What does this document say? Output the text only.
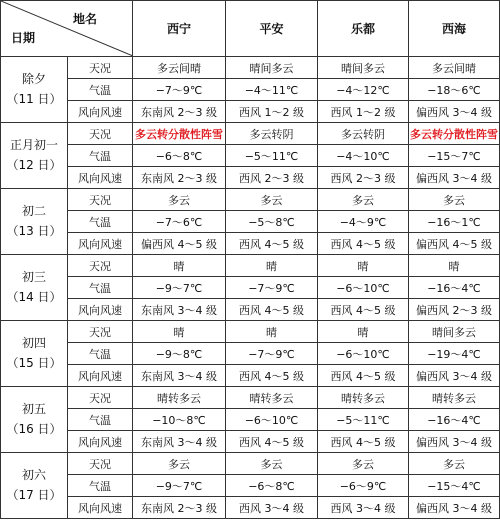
地名
日期		西宁	平安	乐都	西海

除夕
（11 日）	天况	多云间晴	晴间多云	晴间多云	多云间晴
	气温	−7～9℃	−4～11℃	−4～12℃	−18～6℃
	风向风速	东南风 2～3 级	西风 1～2 级	西风 1～2 级	偏西风 3～4 级

正月初一
（12 日）	天况	多云转分散性阵雪	多云转阴	多云转阴	多云转分散性阵雪
	气温	−6～8℃	−5～11℃	−4～10℃	−15～7℃
	风向风速	东南风 2～3 级	西风 2～3 级	西风 2～3 级	偏西风 3～4 级

初二
（13 日）	天况	多云	多云	多云	多云
	气温	−7～6℃	−5～8℃	−4～9℃	−16～1℃
	风向风速	偏西风 4～5 级	西风 4～5 级	西风 4～5 级	偏西风 4～5 级

初三
（14 日）	天况	晴	晴	晴	晴
	气温	−9～7℃	−7～9℃	−6～10℃	−16～4℃
	风向风速	东南风 3～4 级	西风 4～5 级	西风 4～5 级	偏西风 2～3 级

初四
（15 日）	天况	晴	晴	晴	晴间多云
	气温	−9～8℃	−7～9℃	−6～10℃	−19～4℃
	风向风速	东南风 3～4 级	西风 4～5 级	西风 4～5 级	偏西风 3～4 级

初五
（16 日）	天况	晴转多云	晴转多云	晴转多云	晴转多云
	气温	−10～8℃	−6～10℃	−5～11℃	−16～4℃
	风向风速	东南风 3～4 级	西风 4～5 级	西风 4～5 级	偏西风 3～4 级

初六
（17 日）	天况	多云	多云	多云	多云
	气温	−9～7℃	−6～8℃	−6～9℃	−15～4℃
	风向风速	东南风 2～3 级	西风 3～4 级	西风 3～4 级	偏西风 3～4 级
